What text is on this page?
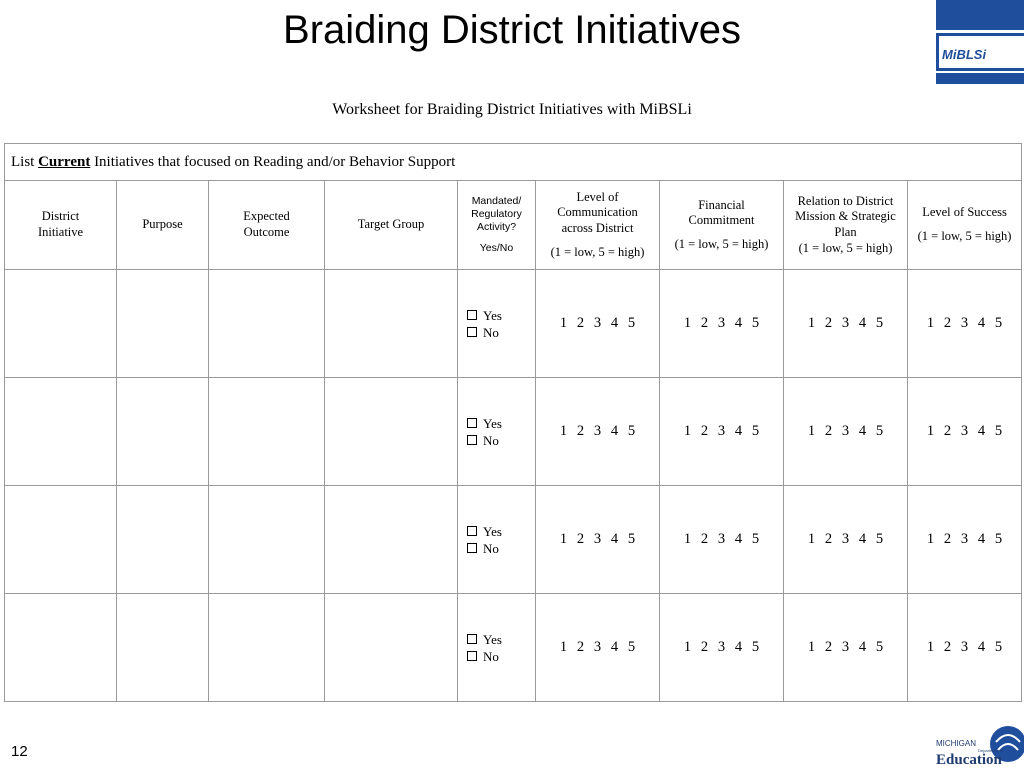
Braiding District Initiatives
MiBLSi
Worksheet for Braiding District Initiatives with MiBSLi
List Current Initiatives that focused on Reading and/or Behavior Support								
District
Initiative	Purpose	Expected
Outcome	Target Group	Mandated/
Regulatory
Activity?
Yes/No	Level of
Communication
across District
(1 = low, 5 = high)	Financial
Commitment
(1 = low, 5 = high)	Relation to District
Mission & Strategic
Plan
(1 = low, 5 = high)	Level of Success
(1 = low, 5 = high)

				Yes
No	1 2 3 4 5	1 2 3 4 5	1 2 3 4 5	1 2 3 4 5

				Yes
No	1 2 3 4 5	1 2 3 4 5	1 2 3 4 5	1 2 3 4 5

				Yes
No	1 2 3 4 5	1 2 3 4 5	1 2 3 4 5	1 2 3 4 5

				Yes
No	1 2 3 4 5	1 2 3 4 5	1 2 3 4 5	1 2 3 4 5
12	MICHIGAN
Department of
Education
